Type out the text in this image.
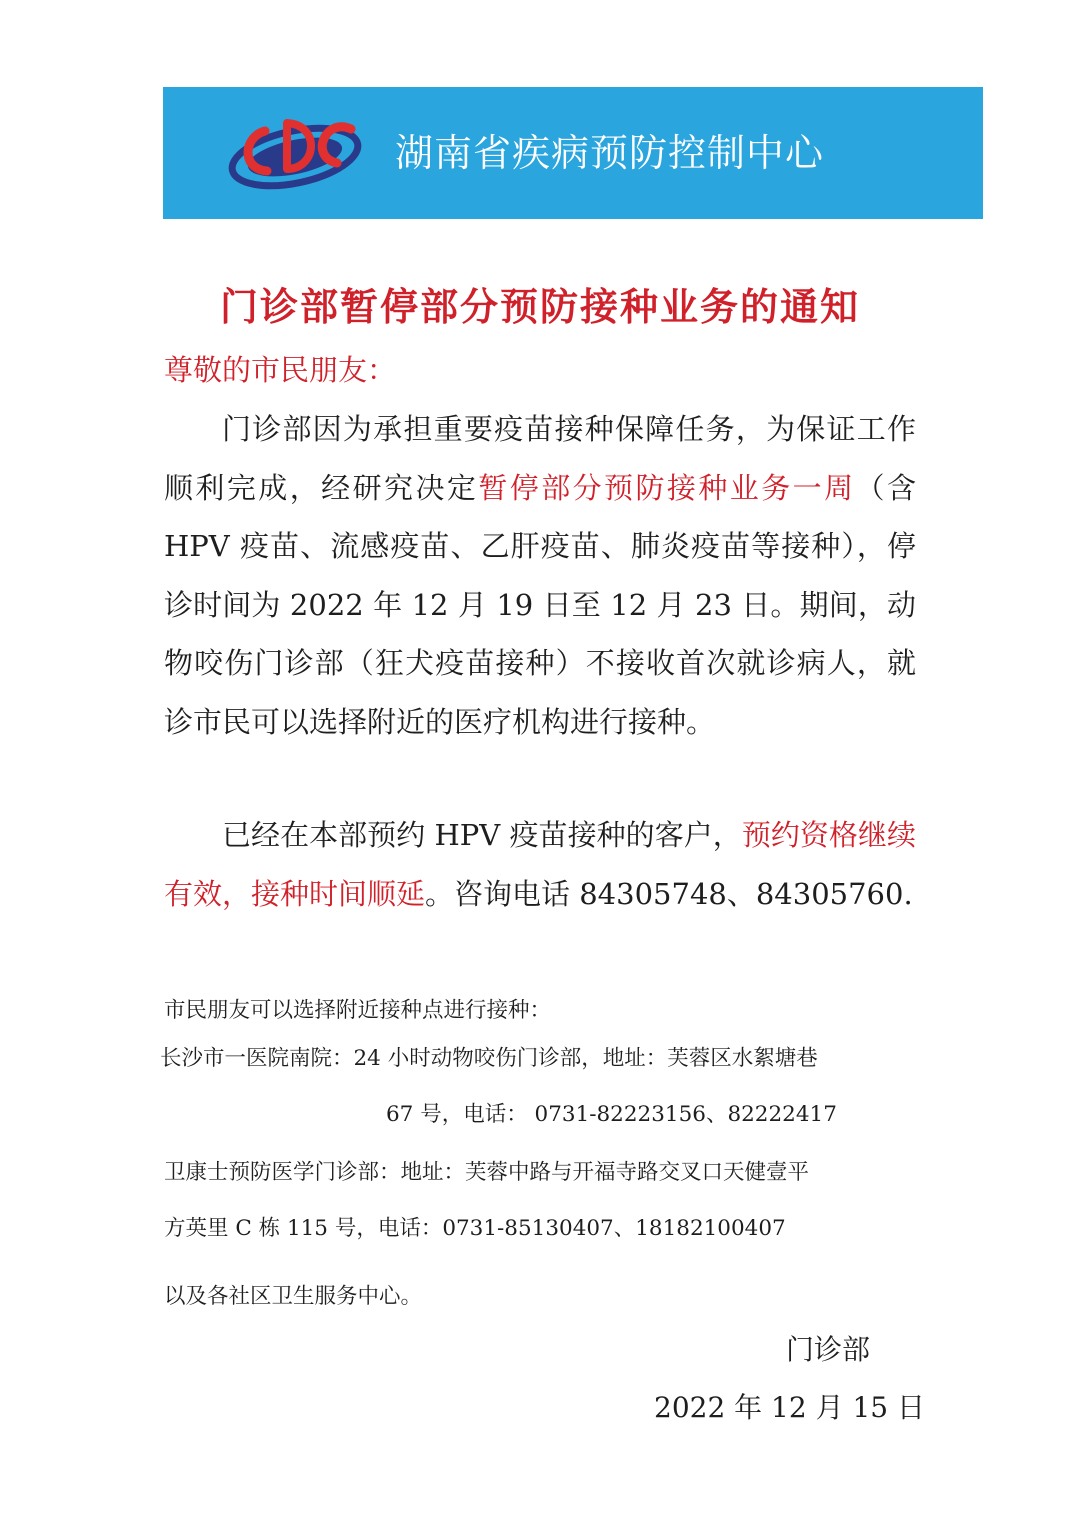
湖南省疾病预防控制中心
门诊部暂停部分预防接种业务的通知
尊敬的市民朋友：
门诊部因为承担重要疫苗接种保障任务，为保证工作顺利完成，经研究决定暂停部分预防接种业务一周（含 HPV 疫苗、流感疫苗、乙肝疫苗、肺炎疫苗等接种），停诊时间为 2022 年 12 月 19 日至 12 月 23 日。期间，动物咬伤门诊部（狂犬疫苗接种）不接收首次就诊病人，就诊市民可以选择附近的医疗机构进行接种。
已经在本部预约 HPV 疫苗接种的客户，预约资格继续有效，接种时间顺延。咨询电话 84305748、84305760.
市民朋友可以选择附近接种点进行接种：
长沙市一医院南院：24 小时动物咬伤门诊部，地址：芙蓉区水絮塘巷
67 号，电话： 0731-82223156、82222417
卫康士预防医学门诊部：地址：芙蓉中路与开福寺路交叉口天健壹平
方英里 C 栋 115 号，电话：0731-85130407、18182100407
以及各社区卫生服务中心。
门诊部
2022 年 12 月 15 日
